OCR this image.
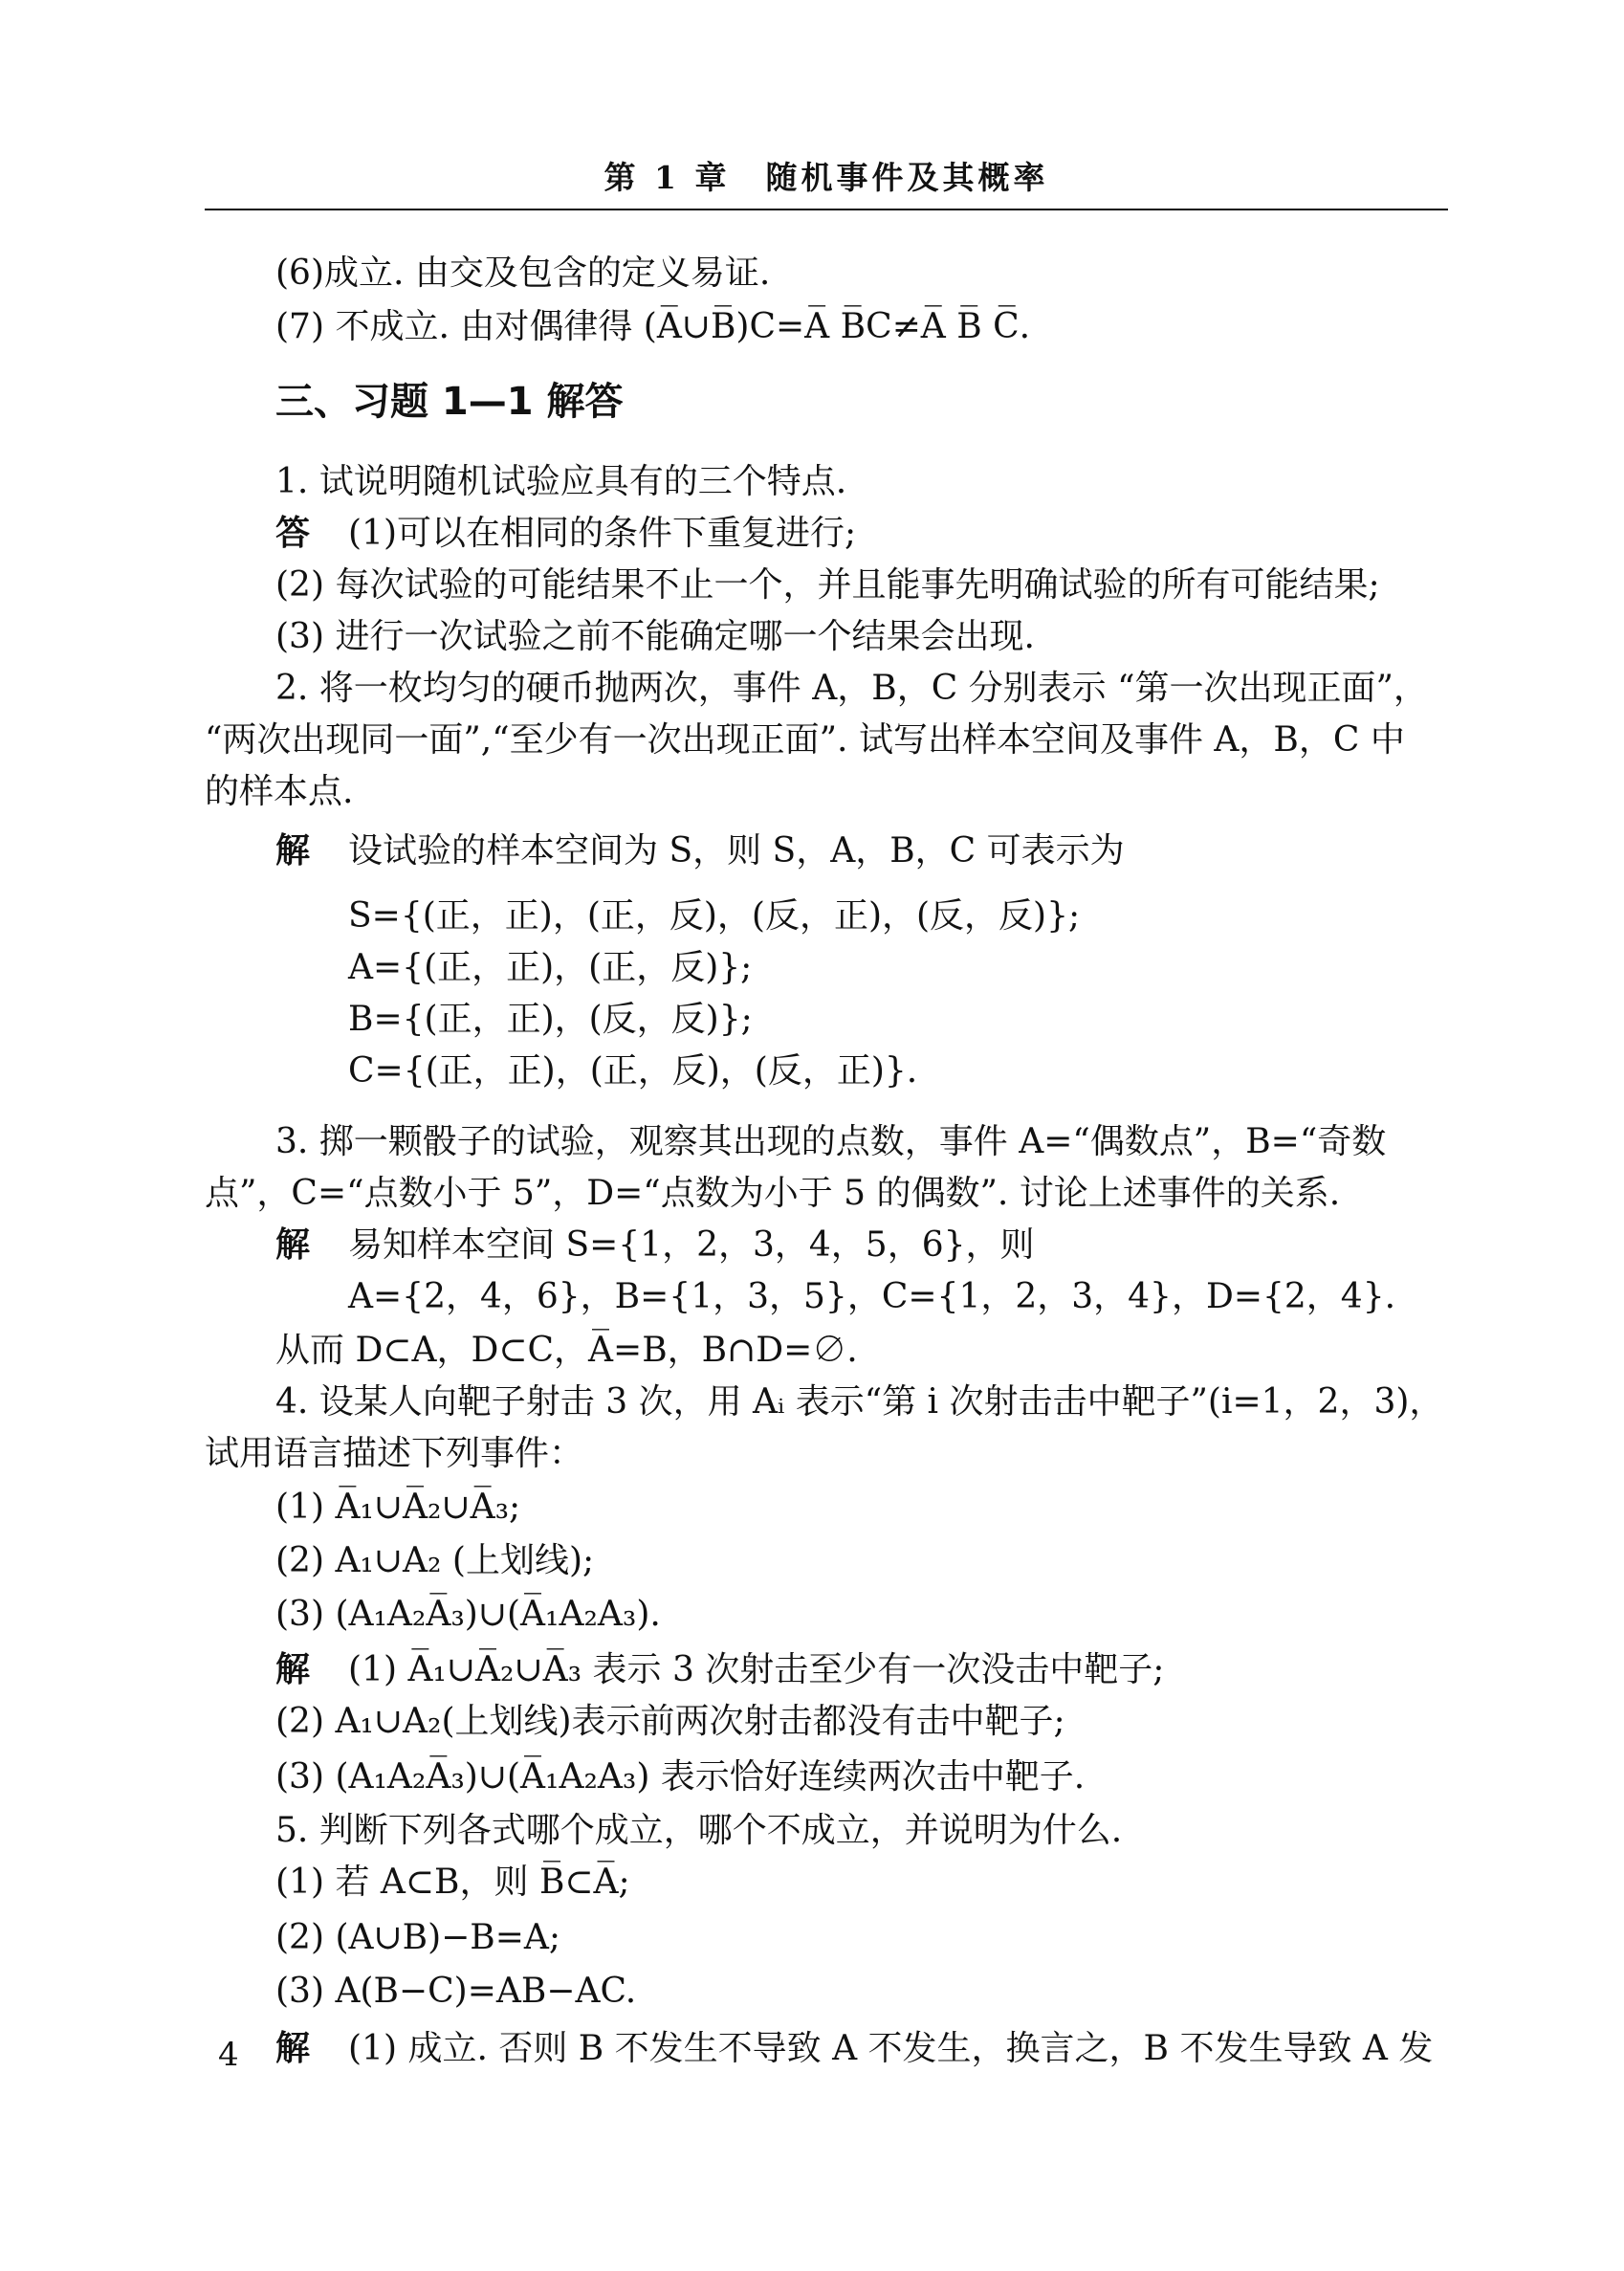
第 1 章　随机事件及其概率
(6)成立. 由交及包含的定义易证.
(7) 不成立. 由对偶律得 (A̅∪B̅)C=A̅ B̅C≠A̅ B̅ C̅.
三、习题 1—1 解答
1. 试说明随机试验应具有的三个特点.
答 (1)可以在相同的条件下重复进行;
(2) 每次试验的可能结果不止一个，并且能事先明确试验的所有可能结果;
(3) 进行一次试验之前不能确定哪一个结果会出现.
2. 将一枚均匀的硬币抛两次，事件 A，B，C 分别表示 “第一次出现正面”，
“两次出现同一面”,“至少有一次出现正面”. 试写出样本空间及事件 A，B，C 中
的样本点.
解 设试验的样本空间为 S，则 S，A，B，C 可表示为
S={(正，正)，(正，反)，(反，正)，(反，反)};
A={(正，正)，(正，反)};
B={(正，正)，(反，反)};
C={(正，正)，(正，反)，(反，正)}.
3. 掷一颗骰子的试验，观察其出现的点数，事件 A=“偶数点”，B=“奇数
点”，C=“点数小于 5”，D=“点数为小于 5 的偶数”. 讨论上述事件的关系.
解 易知样本空间 S={1，2，3，4，5，6}，则
A={2，4，6}，B={1，3，5}，C={1，2，3，4}，D={2，4}.
从而 D⊂A，D⊂C，A̅=B，B∩D=∅.
4. 设某人向靶子射击 3 次，用 Aᵢ 表示“第 i 次射击击中靶子”(i=1，2，3)，
试用语言描述下列事件：
(1) A̅₁∪A̅₂∪A̅₃;
(2) A₁∪A₂ (上划线);
(3) (A₁A₂A̅₃)∪(A̅₁A₂A₃).
解 (1) A̅₁∪A̅₂∪A̅₃ 表示 3 次射击至少有一次没击中靶子;
(2) A₁∪A₂(上划线)表示前两次射击都没有击中靶子;
(3) (A₁A₂A̅₃)∪(A̅₁A₂A₃) 表示恰好连续两次击中靶子.
5. 判断下列各式哪个成立，哪个不成立，并说明为什么.
(1) 若 A⊂B，则 B̅⊂A̅;
(2) (A∪B)−B=A;
(3) A(B−C)=AB−AC.
解 (1) 成立. 否则 B 不发生不导致 A 不发生，换言之，B 不发生导致 A 发
4
